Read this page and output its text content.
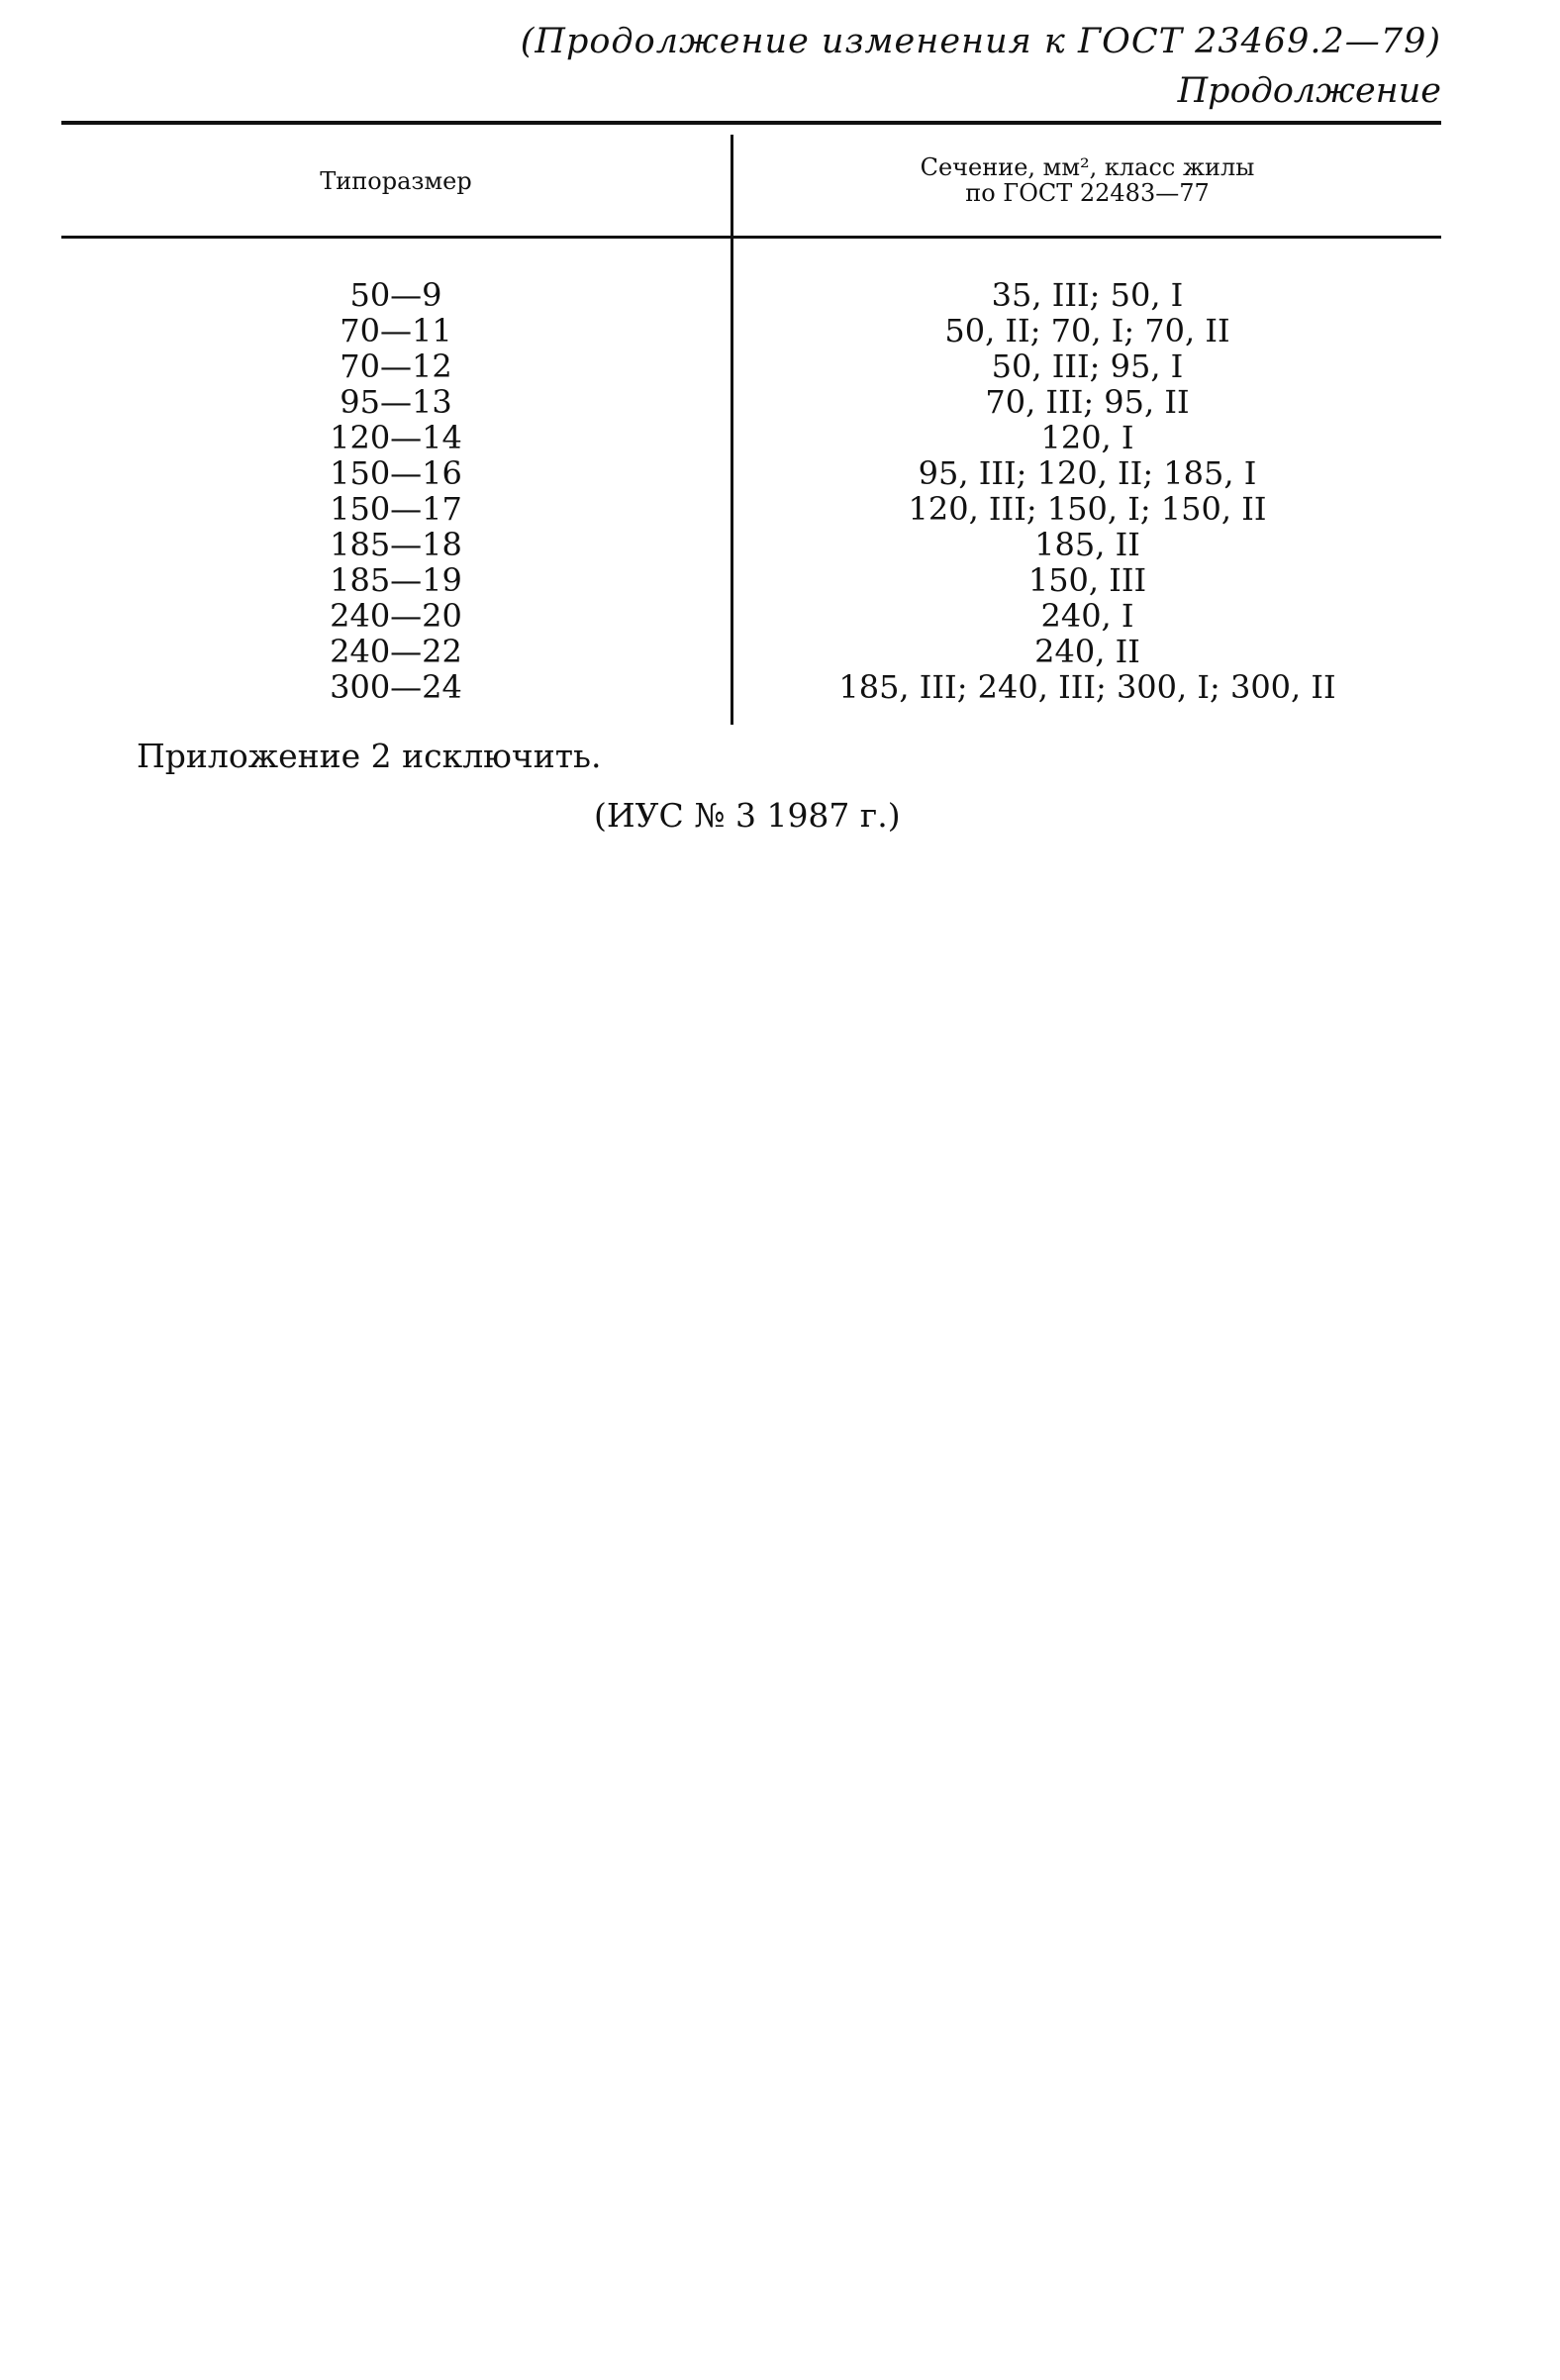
(Продолжение изменения к ГОСТ 23469.2—79)
Продолжение
Типоразмер	Сечение, мм², класс жилы
по ГОСТ 22483—77
50—9
70—11
70—12
95—13
120—14
150—16
150—17
185—18
185—19
240—20
240—22
300—24
35, III; 50, I
50, II; 70, I; 70, II
50, III; 95, I
70, III; 95, II
120, I
95, III; 120, II; 185, I
120, III; 150, I; 150, II
185, II
150, III
240, I
240, II
185, III; 240, III; 300, I; 300, II
Приложение 2 исключить.
(ИУС № 3 1987 г.)
